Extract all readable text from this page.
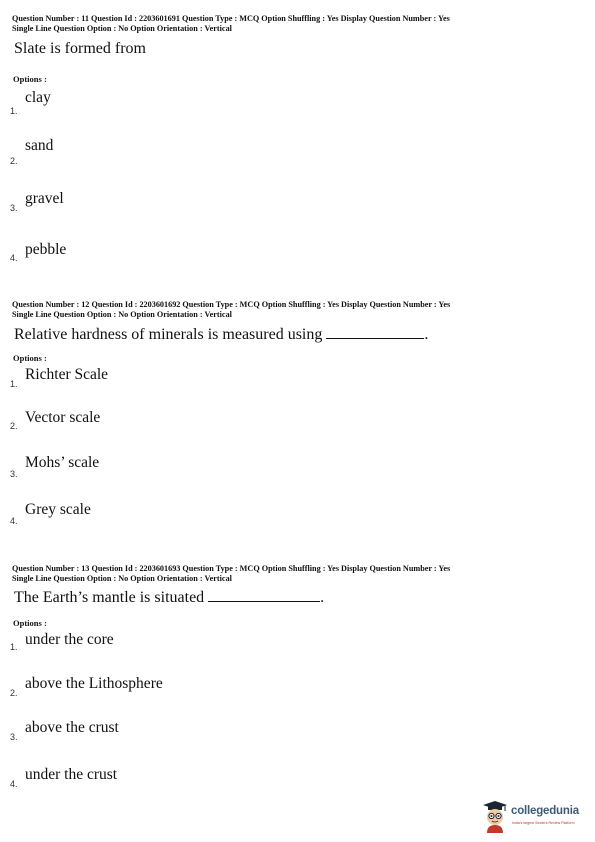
Question Number : 11 Question Id : 2203601691 Question Type : MCQ Option Shuffling : Yes Display Question Number : Yes
Single Line Question Option : No Option Orientation : Vertical
Slate is formed from
Options :
clay
1.
sand
2.
gravel
3.
pebble
4.
Question Number : 12 Question Id : 2203601692 Question Type : MCQ Option Shuffling : Yes Display Question Number : Yes
Single Line Question Option : No Option Orientation : Vertical
Relative hardness of minerals is measured using	.
Options :
Richter Scale
1.
Vector scale
2.
Mohs’ scale
3.
Grey scale
4.
Question Number : 13 Question Id : 2203601693 Question Type : MCQ Option Shuffling : Yes Display Question Number : Yes
Single Line Question Option : No Option Orientation : Vertical
The Earth’s mantle is situated	.
Options :
under the core
1.
above the Lithosphere
2.
above the crust
3.
under the crust
4.
collegedunia
India's largest Student Review Platform
